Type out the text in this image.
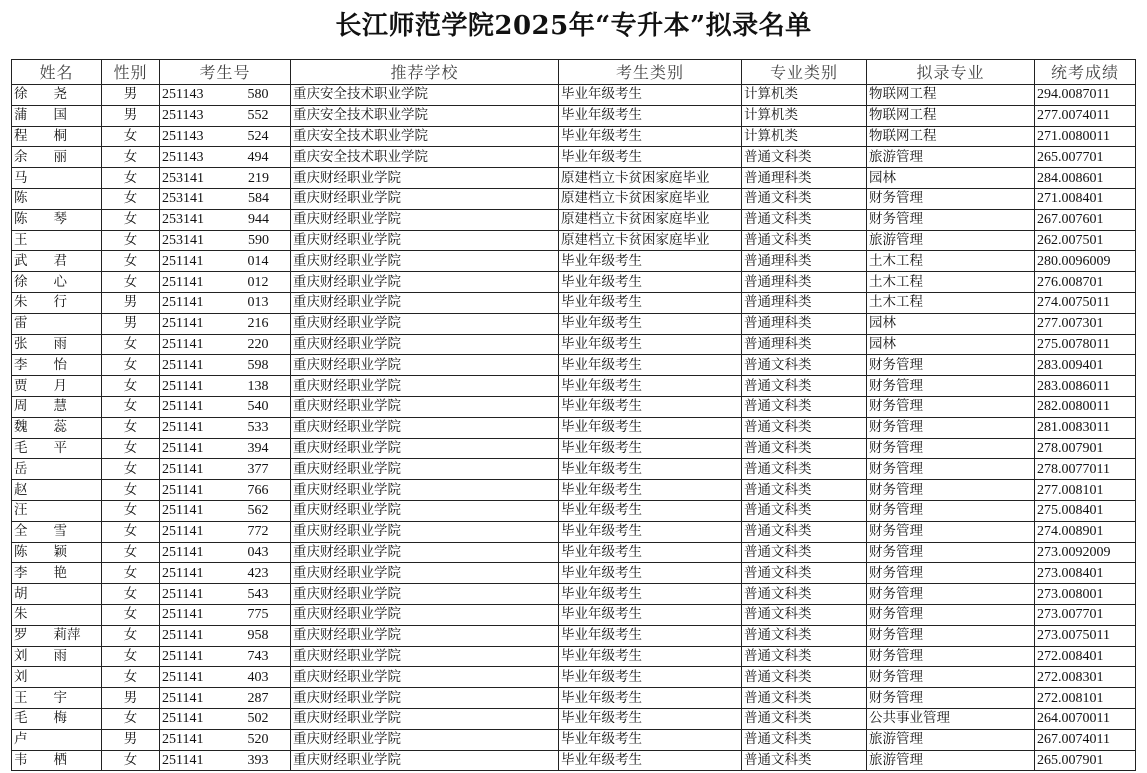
长江师范学院2025年“专升本”拟录名单
姓名	性别	考生号	推荐学校	考生类别	专业类别	拟录专业	统考成绩
徐 尧	男	251143 580	重庆安全技术职业学院	毕业年级考生	计算机类	物联网工程	294.0087011
蒲 国	男	251143 552	重庆安全技术职业学院	毕业年级考生	计算机类	物联网工程	277.0074011
程 桐	女	251143 524	重庆安全技术职业学院	毕业年级考生	计算机类	物联网工程	271.0080011
余 丽	女	251143 494	重庆安全技术职业学院	毕业年级考生	普通文科类	旅游管理	265.007701
马	女	253141 219	重庆财经职业学院	原建档立卡贫困家庭毕业	普通理科类	园林	284.008601
陈	女	253141 584	重庆财经职业学院	原建档立卡贫困家庭毕业	普通文科类	财务管理	271.008401
陈 琴	女	253141 944	重庆财经职业学院	原建档立卡贫困家庭毕业	普通文科类	财务管理	267.007601
王	女	253141 590	重庆财经职业学院	原建档立卡贫困家庭毕业	普通文科类	旅游管理	262.007501
武 君	女	251141 014	重庆财经职业学院	毕业年级考生	普通理科类	土木工程	280.0096009
徐 心	女	251141 012	重庆财经职业学院	毕业年级考生	普通理科类	土木工程	276.008701
朱 行	男	251141 013	重庆财经职业学院	毕业年级考生	普通理科类	土木工程	274.0075011
雷	男	251141 216	重庆财经职业学院	毕业年级考生	普通理科类	园林	277.007301
张 雨	女	251141 220	重庆财经职业学院	毕业年级考生	普通理科类	园林	275.0078011
李 怡	女	251141 598	重庆财经职业学院	毕业年级考生	普通文科类	财务管理	283.009401
贾 月	女	251141 138	重庆财经职业学院	毕业年级考生	普通文科类	财务管理	283.0086011
周 慧	女	251141 540	重庆财经职业学院	毕业年级考生	普通文科类	财务管理	282.0080011
魏 蕊	女	251141 533	重庆财经职业学院	毕业年级考生	普通文科类	财务管理	281.0083011
毛 平	女	251141 394	重庆财经职业学院	毕业年级考生	普通文科类	财务管理	278.007901
岳	女	251141 377	重庆财经职业学院	毕业年级考生	普通文科类	财务管理	278.0077011
赵	女	251141 766	重庆财经职业学院	毕业年级考生	普通文科类	财务管理	277.008101
汪	女	251141 562	重庆财经职业学院	毕业年级考生	普通文科类	财务管理	275.008401
全 雪	女	251141 772	重庆财经职业学院	毕业年级考生	普通文科类	财务管理	274.008901
陈 颖	女	251141 043	重庆财经职业学院	毕业年级考生	普通文科类	财务管理	273.0092009
李 艳	女	251141 423	重庆财经职业学院	毕业年级考生	普通文科类	财务管理	273.008401
胡	女	251141 543	重庆财经职业学院	毕业年级考生	普通文科类	财务管理	273.008001
朱	女	251141 775	重庆财经职业学院	毕业年级考生	普通文科类	财务管理	273.007701
罗 莉萍	女	251141 958	重庆财经职业学院	毕业年级考生	普通文科类	财务管理	273.0075011
刘 雨	女	251141 743	重庆财经职业学院	毕业年级考生	普通文科类	财务管理	272.008401
刘	女	251141 403	重庆财经职业学院	毕业年级考生	普通文科类	财务管理	272.008301
王 宇	男	251141 287	重庆财经职业学院	毕业年级考生	普通文科类	财务管理	272.008101
毛 梅	女	251141 502	重庆财经职业学院	毕业年级考生	普通文科类	公共事业管理	264.0070011
卢	男	251141 520	重庆财经职业学院	毕业年级考生	普通文科类	旅游管理	267.0074011
韦 栖	女	251141 393	重庆财经职业学院	毕业年级考生	普通文科类	旅游管理	265.007901
